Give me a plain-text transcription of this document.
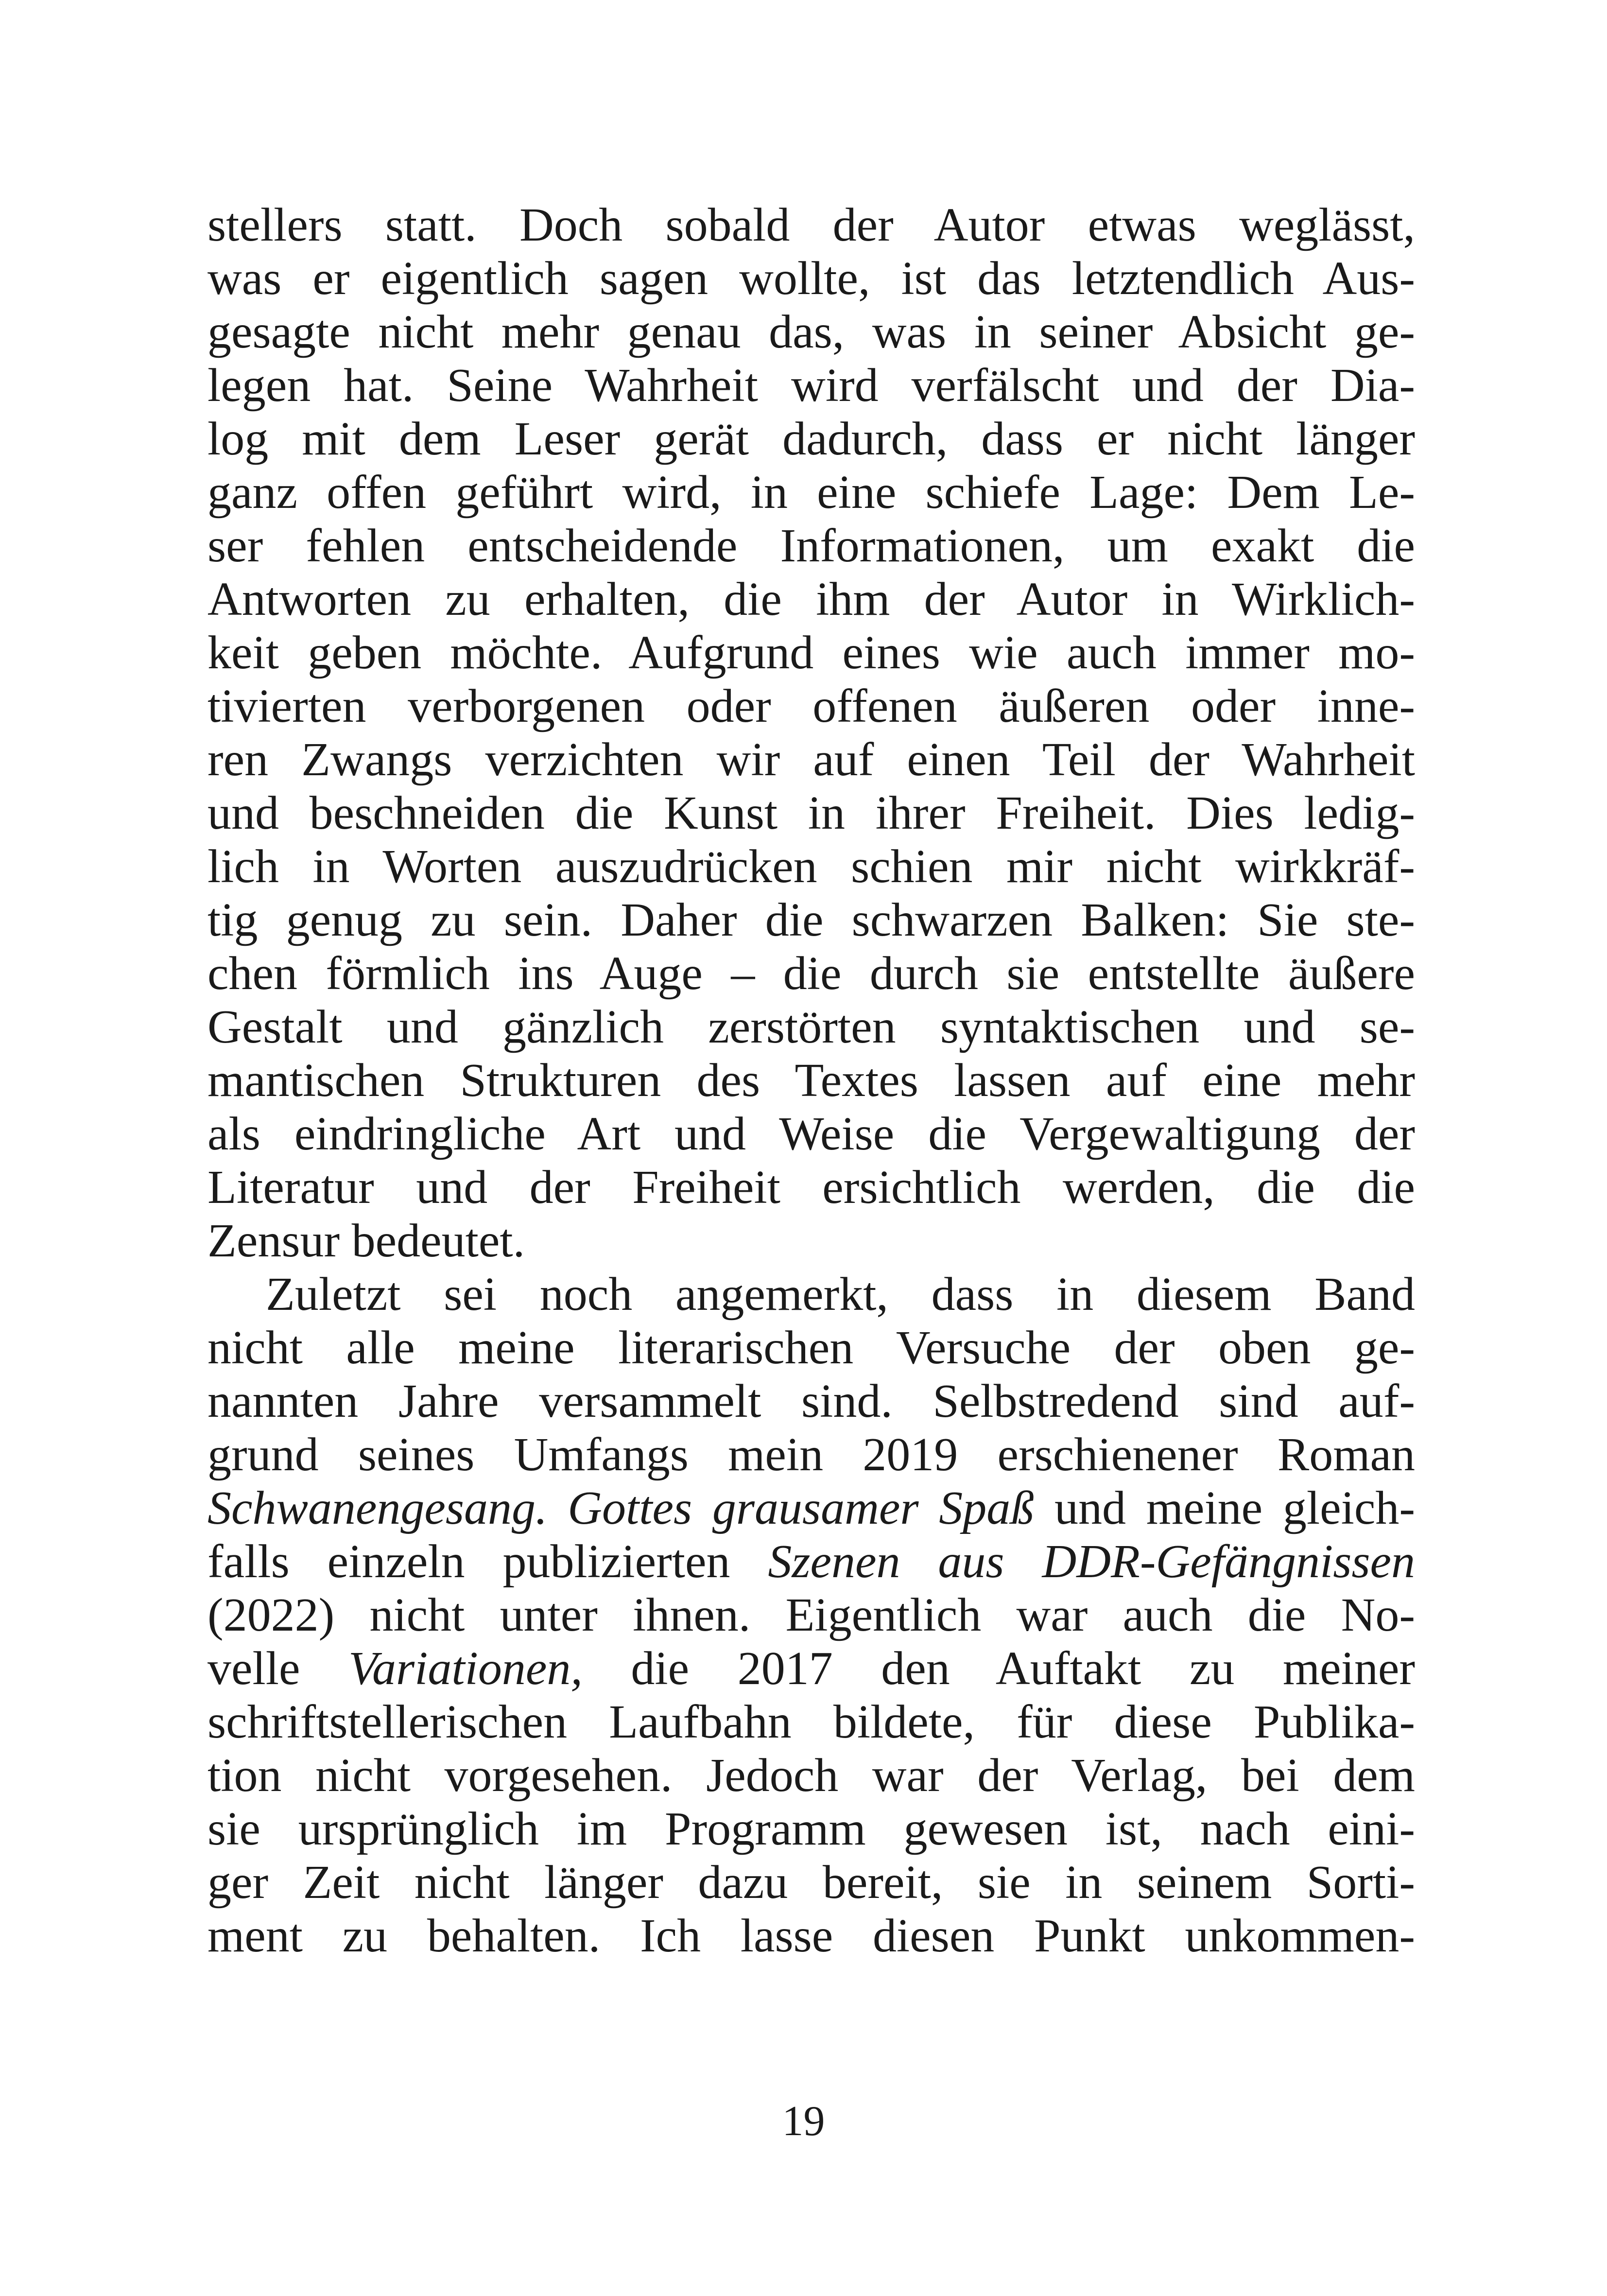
stellers statt. Doch sobald der Autor etwas weglässt,
was er eigentlich sagen wollte, ist das letztendlich Aus-
gesagte nicht mehr genau das, was in seiner Absicht ge-
legen hat. Seine Wahrheit wird verfälscht und der Dia-
log mit dem Leser gerät dadurch, dass er nicht länger
ganz offen geführt wird, in eine schiefe Lage: Dem Le-
ser fehlen entscheidende Informationen, um exakt die
Antworten zu erhalten, die ihm der Autor in Wirklich-
keit geben möchte. Aufgrund eines wie auch immer mo-
tivierten verborgenen oder offenen äußeren oder inne-
ren Zwangs verzichten wir auf einen Teil der Wahrheit
und beschneiden die Kunst in ihrer Freiheit. Dies ledig-
lich in Worten auszudrücken schien mir nicht wirkkräf-
tig genug zu sein. Daher die schwarzen Balken: Sie ste-
chen förmlich ins Auge – die durch sie entstellte äußere
Gestalt und gänzlich zerstörten syntaktischen und se-
mantischen Strukturen des Textes lassen auf eine mehr
als eindringliche Art und Weise die Vergewaltigung der
Literatur und der Freiheit ersichtlich werden, die die
Zensur bedeutet.
Zuletzt sei noch angemerkt, dass in diesem Band
nicht alle meine literarischen Versuche der oben ge-
nannten Jahre versammelt sind. Selbstredend sind auf-
grund seines Umfangs mein 2019 erschienener Roman
Schwanengesang. Gottes grausamer Spaß und meine gleich-
falls einzeln publizierten Szenen aus DDR-Gefängnissen
(2022) nicht unter ihnen. Eigentlich war auch die No-
velle Variationen, die 2017 den Auftakt zu meiner
schriftstellerischen Laufbahn bildete, für diese Publika-
tion nicht vorgesehen. Jedoch war der Verlag, bei dem
sie ursprünglich im Programm gewesen ist, nach eini-
ger Zeit nicht länger dazu bereit, sie in seinem Sorti-
ment zu behalten. Ich lasse diesen Punkt unkommen-
19
